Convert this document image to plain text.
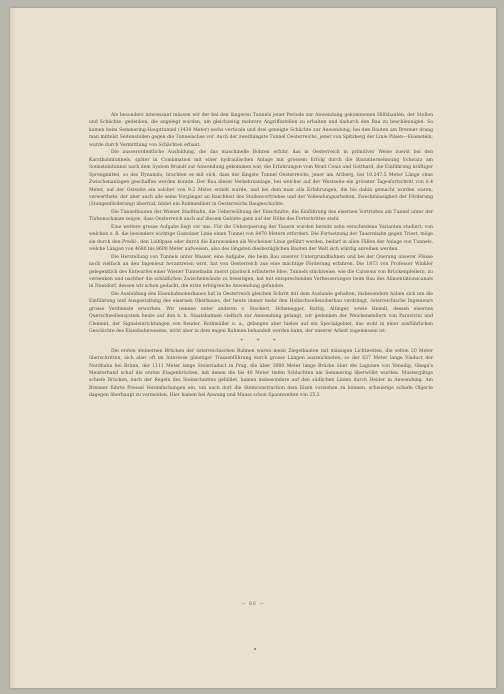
Als besonders interessant müssen wir der bei den längeren Tunnels jener Periode zur Anwendung gekommenen Hilfsbauten, der Stollen und Schächte, gedenken, die angelegt wurden, um gleichzeitig mehrere Angriffsstellen zu erhalten und dadurch den Bau zu beschleunigen. So kamen beim Semmering-Haupttunnel (1430 Meter) sechs verticale und drei geneigte Schächte zur Anwendung; bei den Bauten am Brenner drang man mittelst Seitenstollen gegen die Tunnelachse vor. Auch der zweitlängste Tunnel Oesterreichs, jener von Spitzberg der Linie Pilsen—Eisenstein, wurde durch Vermittlung von Schächten erbaut.

Die ausserordentliche Ausbildung, die das maschinelle Bohren erfuhr, das in Oesterreich in primitiver Weise zuerst bei den Karstbahntunnels, später in Combination mit einer hydraulischen Anlage mit grossem Erfolg durch die Bauunternehmung Schwarz am Sonnsteintunnel nach dem System Brandt zur Anwendung gekommen war, die Erfahrungen vom Mont Cenis und Gotthard, die Einführung kräftiger Sprengmittel, so des Dynamits, brachten es mit sich, dass der längste Tunnel Oesterreichs, jener am Arlberg, bei 10.247.5 Meter Länge ohne Zwischenanlagen geschaffen werden konnte. Der Bau dieser Verkehrsanlage, bei welcher auf der Westseite ein grösster Tagesfortschritt von 8.4 Meter, auf der Ostseite ein solcher von 9.2 Meter erzielt wurde, und bei dem man alle Erfahrungen, die bis dahin gemacht worden waren, verwerthete, der aber auch alle seine Vorgänger an Raschheit des Stollenvortriebes und der Vollendungsarbeiten, Zweckmässigkeit der Förderung (Stangenförderung) übertraf, bildet ein Ruhmesblatt in Oesterreichs Baugeschichte.

Die Tunnelbauten der Wiener Stadtbahn, die Ueberwölbung der Einschnitte, die Einführung des eisernen Vortriebes am Tunnel unter der Türkenschanze zeigen, dass Oesterreich auch auf diesem Gebiete ganz auf der Höhe des Fortschrittes steht.

Eine weitere grosse Aufgabe liegt vor uns. Für die Ueberquerung der Tauern wurden bereits zehn verschiedene Varianten studiert, von welchen z. B. die besonders wichtige Gasteiner Linie einen Tunnel von 8470 Metern erfordert. Die Fortsetzung der Tauernbahn gegen Triest, möge sie durch den Predil-, den Loiblpass oder durch die Karawanken als Wocheiner Linie geführt werden, bedarf in allen Fällen der Anlage von Tunnels, welche Längen von 4680 bis 8600 Meter aufweisen, also des längsten diesbezüglichen Bauten der Welt sich würdig anreihen werden.

Die Herstellung von Tunnels unter Wasser, eine Aufgabe, die beim Bau unserer Untergrundbahnen und bei der Querung unserer Flüsse noch vielfach an den Ingenieur herantreten wird, hat von Oesterreich aus eine mächtige Förderung erfahren. Die 1873 von Professor Winkler gelegentlich des Entwurfes einer Wiener Tunnelbahn zuerst plastisch erläuterte Idee, Tunnels stückweise, wie die Caissons von Brückenpfeilern, zu versenken und nachher die schädlichen Zwischenwände zu beseitigen, hat mit entsprechenden Verbesserungen beim Bau des Alimentationscanals in Nussdorf, dessen wir schon gedacht, die erste erfolgreiche Anwendung gefunden.

Die Ausbildung des Eisenbahnoberbaues hat in Oesterreich gleichen Schritt mit dem Auslande gehalten; insbesondere haben sich um die Einführung und Ausgestaltung des eisernen Oberbaues, der heute immer mehr den Holzschwellenoberbau verdrängt, österreichische Ingenieure grosse Verdienste erworben. Wir nennen unter anderen v. Stockert, Hohenegger, Rattig, Altinger, sowie Heindl, dessen eisernes Querschwellensystem heute auf den k. k. Staatsbahnen vielfach zur Anwendung gelangt, wir gedenken der Weichenstellern von Paravicini und Clement, der Signaleinrichtungen von Bender, Rothmüller u. a., gelangen aber hiebei auf ein Specialgebiet, das wohl in einer ausführlichen Geschichte des Eisenbahnwesens, nicht aber in dem engen Rahmen behandelt werden kann, der unserer Arbeit zugemessen ist.

* * *

Die ersten steinernen Brücken der österreichischen Bahnen waren meist Ziegelbauten mit mässigen Lichtweiten, die selten 20 Meter überschritten, sich aber oft im Interesse günstiger Trassenführung durch grosse Längen auszeichneten; so der 637 Meter lange Viaduct der Nordbahn bei Brünn, der 1111 Meter lange Steinviaduct in Prag, die über 3000 Meter lange Brücke über die Lagunen von Venedig, Ghega's Meisterhand schuf die ersten Etagenbrücken, mit denen die bis 40 Meter tiefen Schluchten am Semmering überwölbt wurden. Mustergiltige schiefe Brücken, nach der Regeln des Steinschnittes gebildet, kamen insbesondere auf den südlichen Linien durch Heider in Anwendung. Am Brenner führte Pressel Vereinfachungen ein, um auch dort die Steinconstruction dem Eisen vorziehen zu können, schwierige schiefe Objecte dagegen überhaupt zu vermeiden. Hier kamen bei Anwang und Maass schon Spannweiten von 25.3

— 86 —
